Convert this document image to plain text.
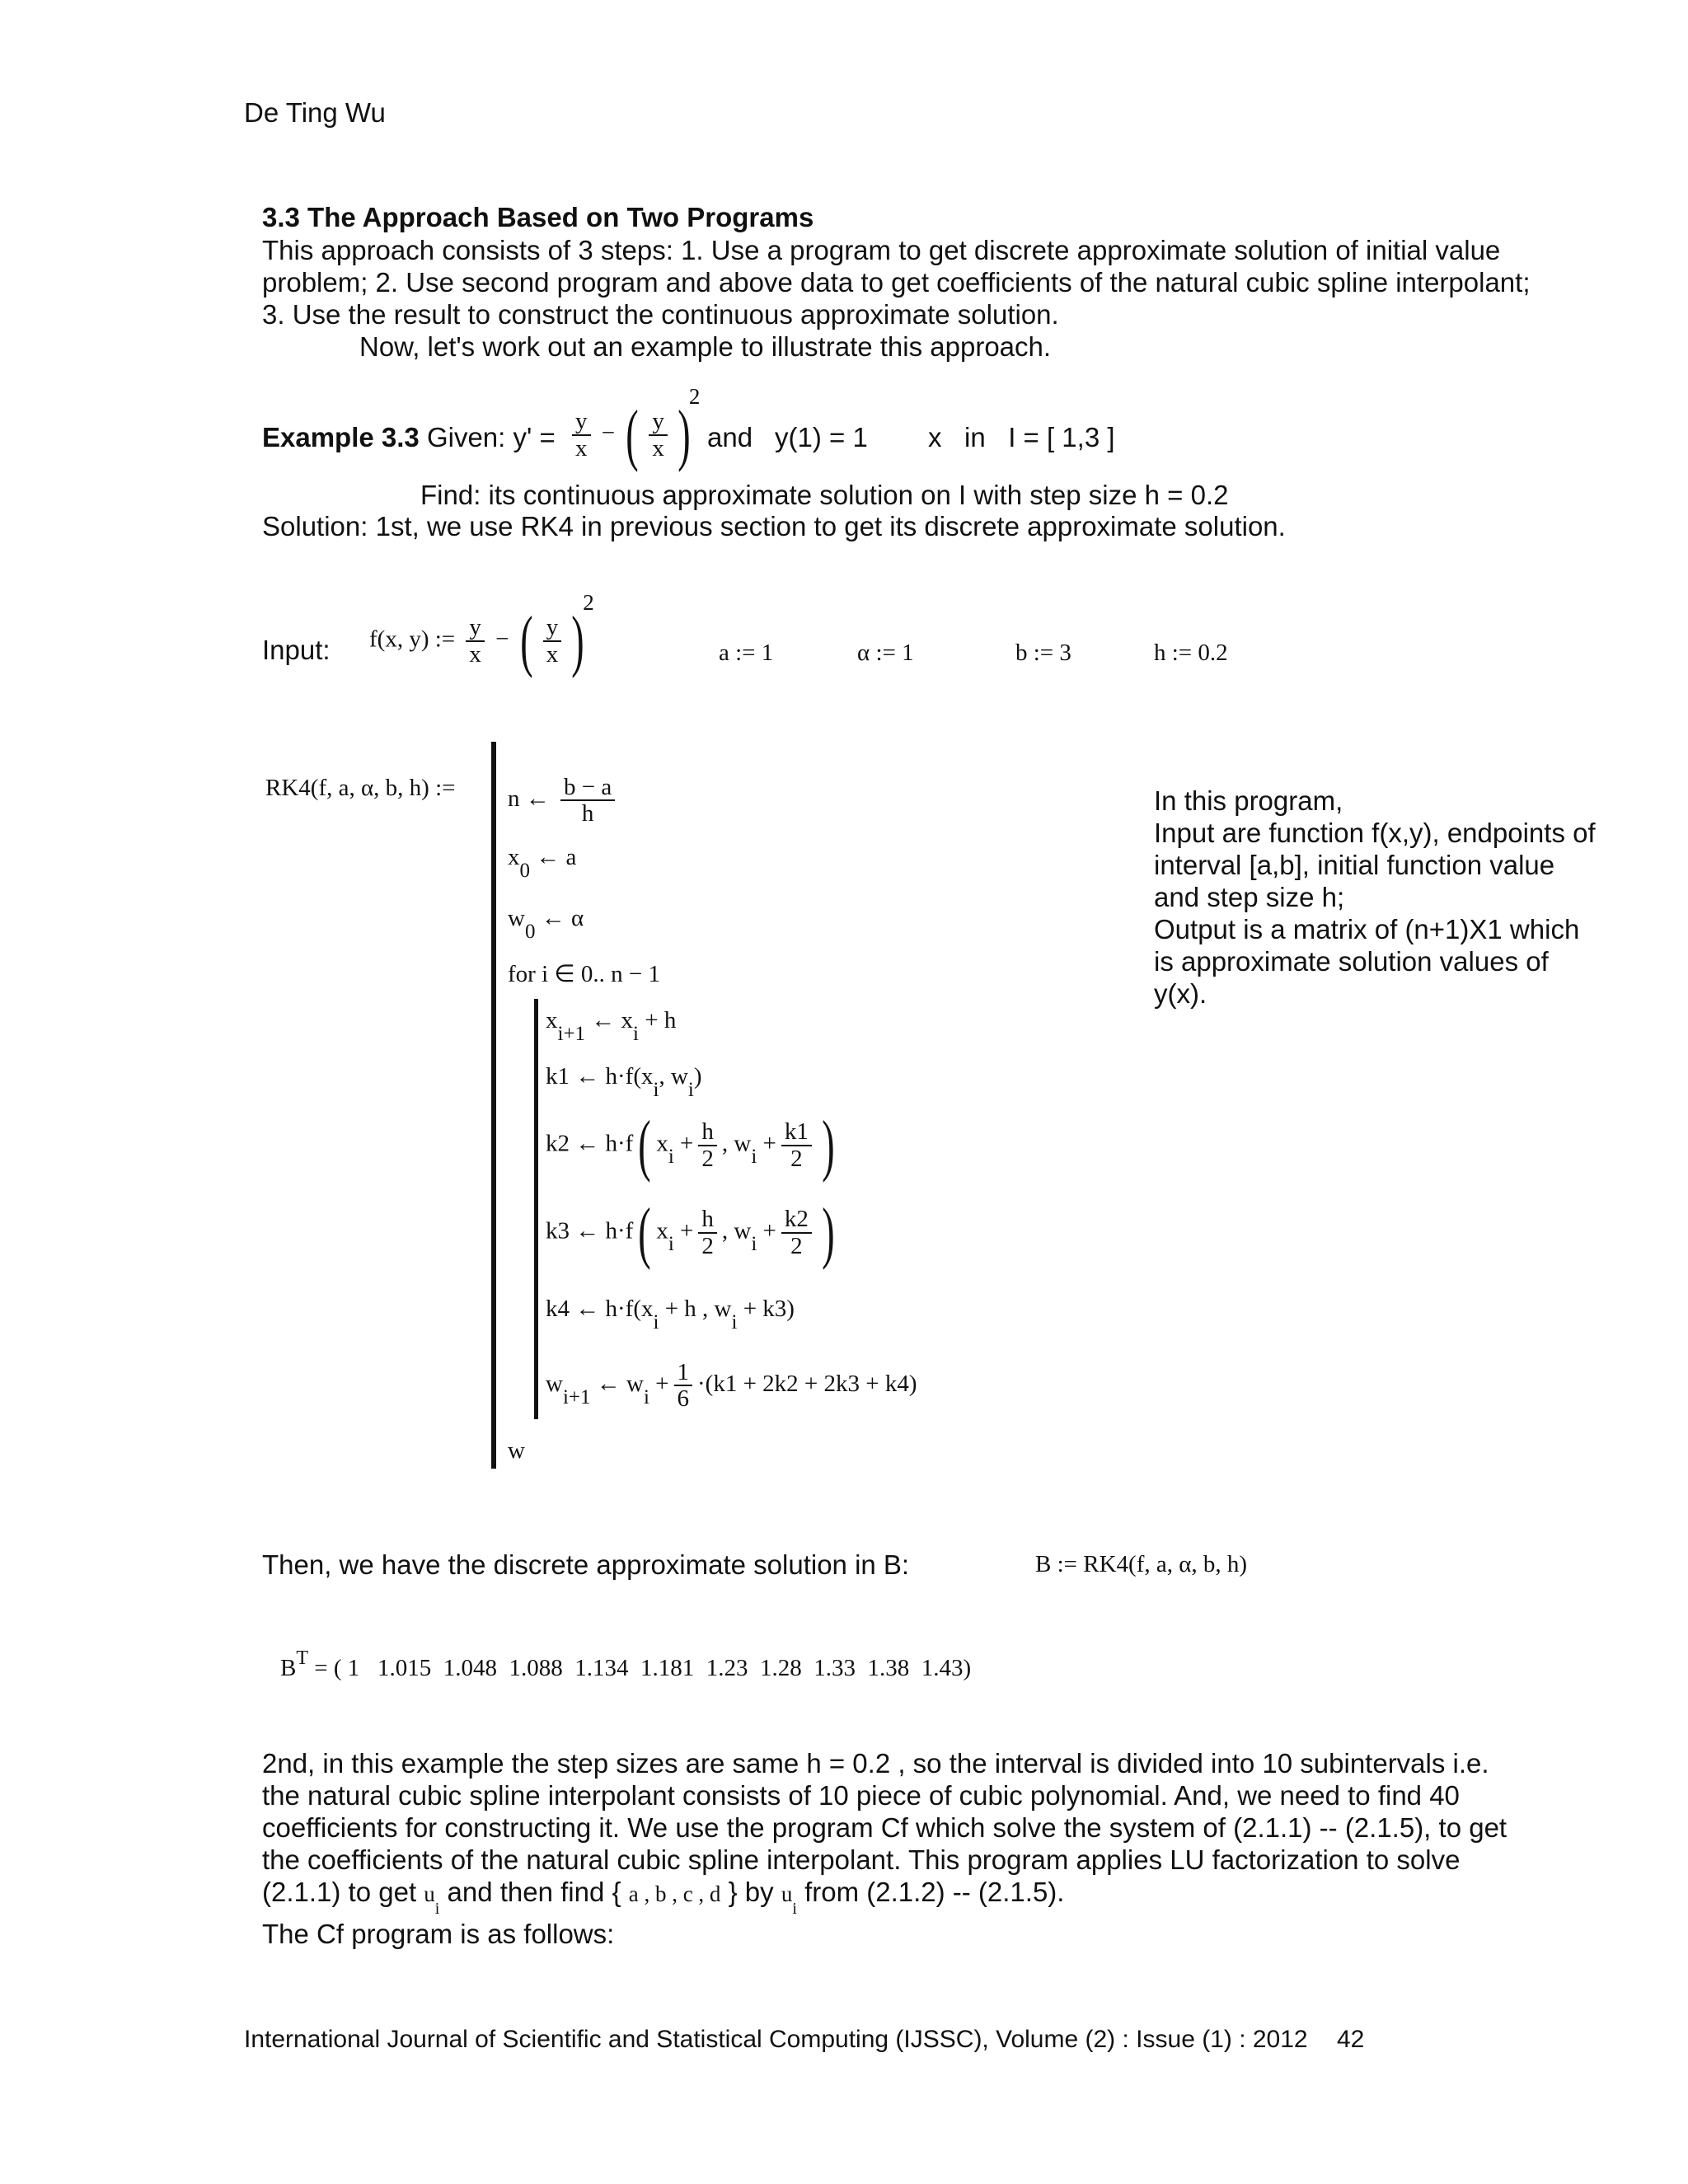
De Ting Wu
3.3 The Approach Based on Two Programs
This approach consists of 3 steps: 1. Use a program to get discrete approximate solution of initial value
problem; 2. Use second program and above data to get coefficients of the natural cubic spline interpolant;
3. Use the result to construct the continuous approximate solution.
Now, let's work out an example to illustrate this approach.
Example 3.3 Given: $y' = \frac{y}{x}$ − ( $\frac{y}{x} )2$
and y(1) = 1 x   in   I = [ 1,3 ]
Find: its continuous approximate solution on I with step size h = 0.2
Solution: 1st, we use RK4 in previous section to get its discrete approximate solution.
Input: f(x, y) := $\frac{y}{x}$ − ( $\frac{y}{x} )2$
a := 1	α := 1	b := 3	h := 0.2
RK4(f, a, α, b, h) := n ← $\frac{b - a}{h}$
x0 ← a
w0 ← α
for i ∈ 0.. n − 1
xi+1 ← xi + h
k1 ← h·f(xi, wi)
k2 ← h·f( xi + $\frac{h}{2}$ , wi + $\frac{k1}{2}$ )
k3 ← h·f( xi + $\frac{h}{2}$ , wi + $\frac{k2}{2}$ )
k4 ← h·f(xi + h , wi + k3)
wi+1 ← wi + $\frac{1}{6} \cdot(k1 + 2k2 + 2k3 + k4)$
w
In this program,
Input are function f(x,y), endpoints of
interval [a,b], initial function value
and step size h;
Output is a matrix of (n+1)X1 which
is approximate solution values of
y(x).
Then, we have the discrete approximate solution in B:	B := RK4(f, a, α, b, h)
$B^T$ = ( 1   1.015  1.048  1.088  1.134  1.181  1.23  1.28  1.33  1.38  1.43)
2nd, in this example the step sizes are same h = 0.2 , so the interval is divided into 10 subintervals i.e.
the natural cubic spline interpolant consists of 10 piece of cubic polynomial. And, we need to find 40
coefficients for constructing it. We use the program Cf which solve the system of (2.1.1) -- (2.1.5), to get
the coefficients of the natural cubic spline interpolant. This program applies LU factorization to solve
(2.1.1) to get $u_i$ and then find { a , b , c , d } by $u_i$ from (2.1.2) -- (2.1.5).
The Cf program is as follows:
International Journal of Scientific and Statistical Computing (IJSSC), Volume (2) : Issue (1) : 2012 42
